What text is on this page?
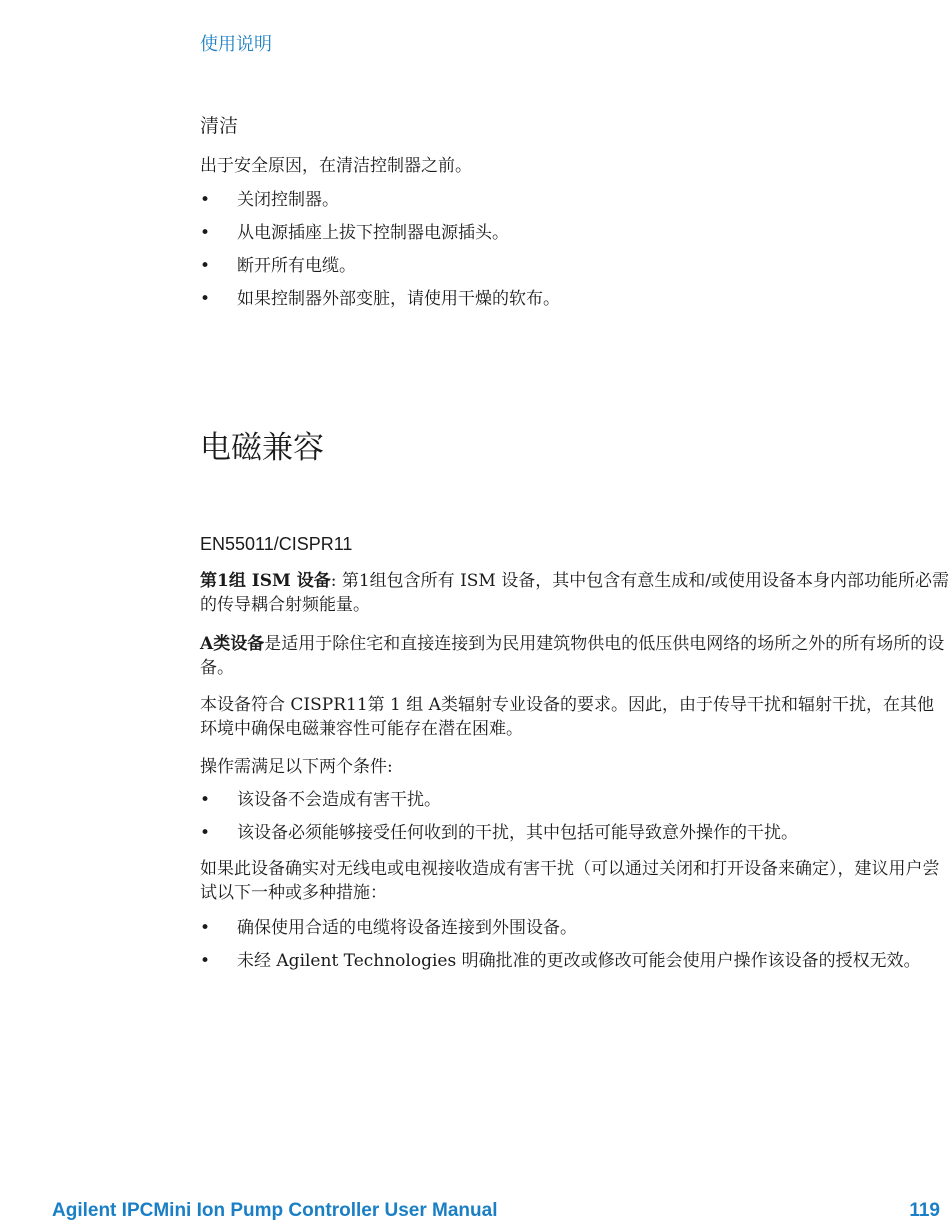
使用说明
清洁
出于安全原因，在清洁控制器之前。
• 关闭控制器。
• 从电源插座上拔下控制器电源插头。
• 断开所有电缆。
• 如果控制器外部变脏，请使用干燥的软布。
电磁兼容
EN55011/CISPR11
第1组 ISM 设备: 第1组包含所有 ISM 设备，其中包含有意生成和/或使用设备本身内部功能所必需的传导耦合射频能量。
A类设备是适用于除住宅和直接连接到为民用建筑物供电的低压供电网络的场所之外的所有场所的设备。
本设备符合 CISPR11第 1 组 A类辐射专业设备的要求。因此，由于传导干扰和辐射干扰，在其他环境中确保电磁兼容性可能存在潜在困难。
操作需满足以下两个条件:
• 该设备不会造成有害干扰。
• 该设备必须能够接受任何收到的干扰，其中包括可能导致意外操作的干扰。
如果此设备确实对无线电或电视接收造成有害干扰（可以通过关闭和打开设备来确定），建议用户尝试以下一种或多种措施：
• 确保使用合适的电缆将设备连接到外围设备。
• 未经 Agilent Technologies 明确批准的更改或修改可能会使用户操作该设备的授权无效。
Agilent IPCMini Ion Pump Controller User Manual	119
